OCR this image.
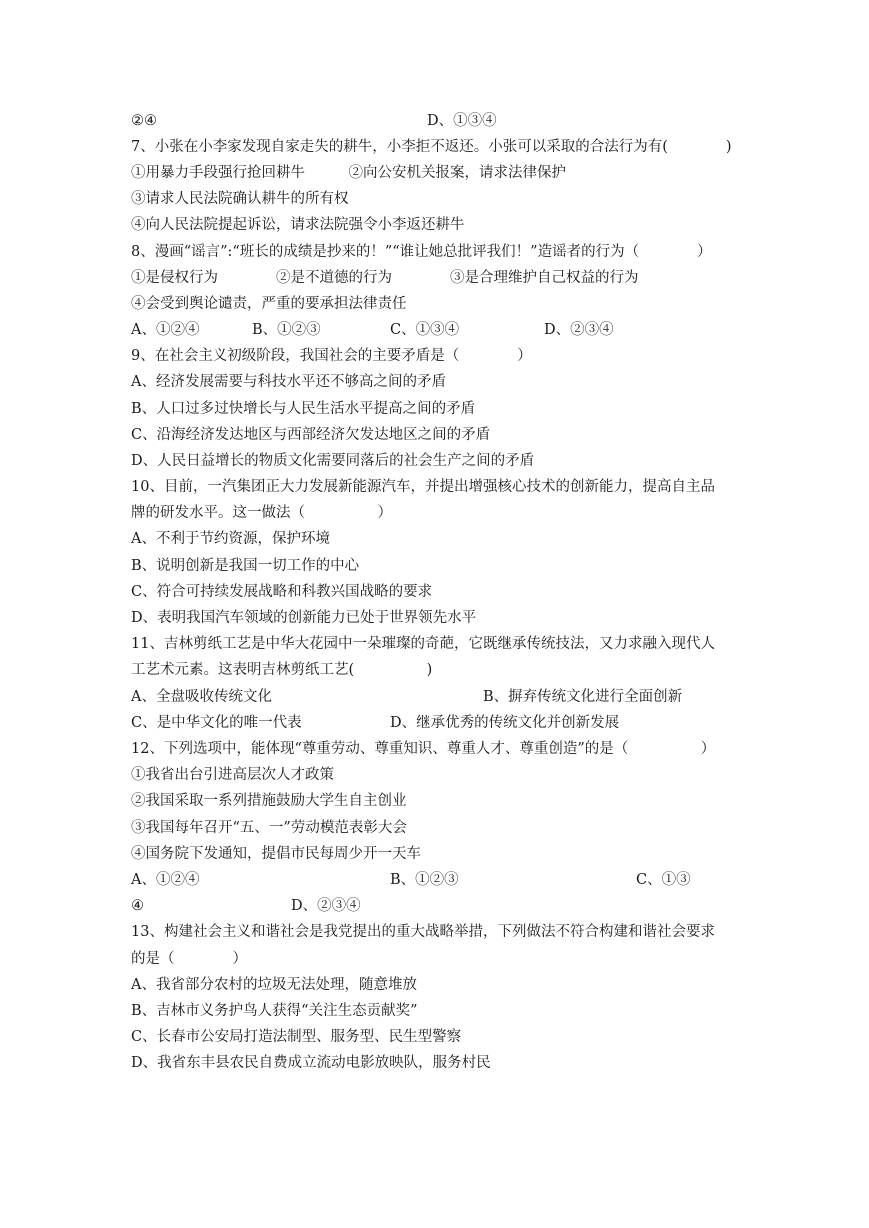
②④	D、①③④
7、小张在小李家发现自家走失的耕牛，小李拒不返还。小张可以采取的合法行为有(　　　　)
①用暴力手段强行抢回耕牛　　　②向公安机关报案，请求法律保护
③请求人民法院确认耕牛的所有权
④向人民法院提起诉讼，请求法院强令小李返还耕牛
8、漫画“谣言”:“班长的成绩是抄来的！”“谁让她总批评我们！”造谣者的行为（　　　　）
①是侵权行为　　　　②是不道德的行为　　　　③是合理维护自己权益的行为
④会受到舆论谴责，严重的要承担法律责任
A、①②④	B、①②③	C、①③④	D、②③④
9、在社会主义初级阶段，我国社会的主要矛盾是（　　　　）
A、经济发展需要与科技水平还不够高之间的矛盾
B、人口过多过快增长与人民生活水平提高之间的矛盾
C、沿海经济发达地区与西部经济欠发达地区之间的矛盾
D、人民日益增长的物质文化需要同落后的社会生产之间的矛盾
10、目前，一汽集团正大力发展新能源汽车，并提出增强核心技术的创新能力，提高自主品
牌的研发水平。这一做法（　　　　　）
A、不利于节约资源，保护环境
B、说明创新是我国一切工作的中心
C、符合可持续发展战略和科教兴国战略的要求
D、表明我国汽车领域的创新能力已处于世界领先水平
11、吉林剪纸工艺是中华大花园中一朵璀璨的奇葩，它既继承传统技法，又力求融入现代人
工艺术元素。这表明吉林剪纸工艺(　　　　　)
A、全盘吸收传统文化	B、摒弃传统文化进行全面创新
C、是中华文化的唯一代表	D、继承优秀的传统文化并创新发展
12、下列选项中，能体现“尊重劳动、尊重知识、尊重人才、尊重创造”的是（　　　　　）
①我省出台引进高层次人才政策
②我国采取一系列措施鼓励大学生自主创业
③我国每年召开“五、一”劳动模范表彰大会
④国务院下发通知，提倡市民每周少开一天车
A、①②④	B、①②③	C、①③
④	D、②③④
13、构建社会主义和谐社会是我党提出的重大战略举措，下列做法不符合构建和谐社会要求
的是（　　　　）
A、我省部分农村的垃圾无法处理，随意堆放
B、吉林市义务护鸟人获得“关注生态贡献奖”
C、长春市公安局打造法制型、服务型、民生型警察
D、我省东丰县农民自费成立流动电影放映队，服务村民
